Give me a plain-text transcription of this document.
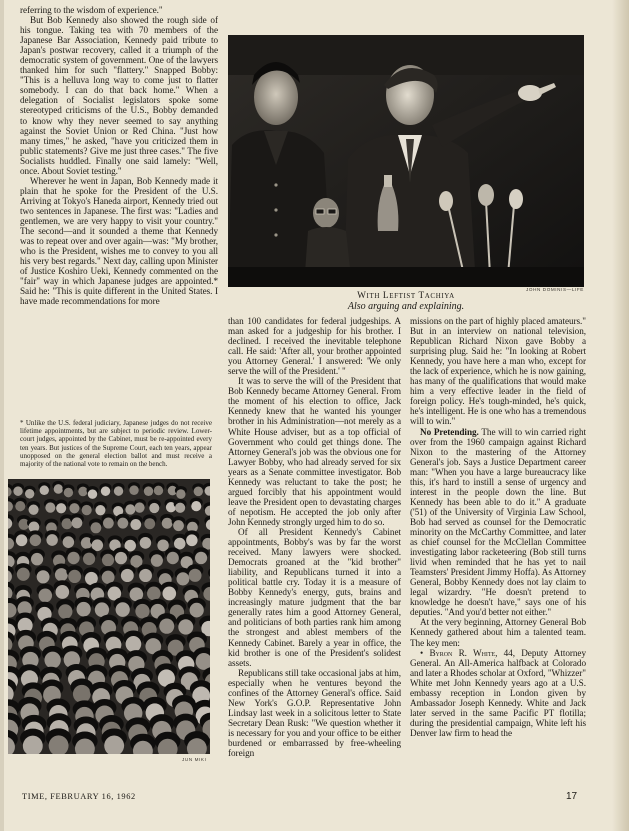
referring to the wisdom of experience."

But Bob Kennedy also showed the rough side of his tongue. Taking tea with 70 members of the Japanese Bar Association, Kennedy paid tribute to Japan's postwar recovery, called it a triumph of the democratic system of government. One of the lawyers thanked him for such "flattery." Snapped Bobby: "This is a helluva long way to come just to flatter somebody. I can do that back home." When a delegation of Socialist legislators spoke some stereotyped criticisms of the U.S., Bobby demanded to know why they never seemed to say anything against the Soviet Union or Red China. "Just how many times," he asked, "have you criticized them in public statements? Give me just three cases." The five Socialists huddled. Finally one said lamely: "Well, once. About Soviet testing."

Wherever he went in Japan, Bob Kennedy made it plain that he spoke for the President of the U.S. Arriving at Tokyo's Haneda airport, Kennedy tried out two sentences in Japanese. The first was: "Ladies and gentlemen, we are very happy to visit your country." The second—and it sounded a theme that Kennedy was to repeat over and over again—was: "My brother, who is the President, wishes me to convey to you all his very best regards." Next day, calling upon Minister of Justice Koshiro Ueki, Kennedy commented on the "fair" way in which Japanese judges are appointed.* Said he: "This is quite different in the United States. I have made recommendations for more

* Unlike the U.S. federal judiciary, Japanese judges do not receive lifetime appointments, but are subject to periodic review. Lower-court judges, appointed by the Cabinet, must be re-appointed every ten years. But justices of the Supreme Court, each ten years, appear unopposed on the general election ballot and must receive a majority of the national vote to remain on the bench.
JOHN DOMINIS—LIFE
With Leftist Tachiya
Also arguing and explaining.

than 100 candidates for federal judgeships. A man asked for a judgeship for his brother. I declined. I received the inevitable telephone call. He said: 'After all, your brother appointed you Attorney General.' I answered: 'We only serve the will of the President.' "

It was to serve the will of the President that Bob Kennedy became Attorney General. From the moment of his election to office, Jack Kennedy knew that he wanted his younger brother in his Administration—not merely as a White House adviser, but as a top official of Government who could get things done. The Attorney General's job was the obvious one for Lawyer Bobby, who had already served for six years as a Senate committee investigator. Bob Kennedy was reluctant to take the post; he argued forcibly that his appointment would leave the President open to devastating charges of nepotism. He accepted the job only after John Kennedy strongly urged him to do so.

Of all President Kennedy's Cabinet appointments, Bobby's was by far the worst received. Many lawyers were shocked. Democrats groaned at the "kid brother" liability, and Republicans turned it into a political battle cry. Today it is a measure of Bobby Kennedy's energy, guts, brains and increasingly mature judgment that the bar generally rates him a good Attorney General, and politicians of both parties rank him among the strongest and ablest members of the Kennedy Cabinet. Barely a year in office, the kid brother is one of the President's solidest assets.

Republicans still take occasional jabs at him, especially when he ventures beyond the confines of the Attorney General's office. Said New York's G.O.P. Representative John Lindsay last week in a solicitous letter to State Secretary Dean Rusk: "We question whether it is necessary for you and your office to be either burdened or embarrassed by free-wheeling foreign

missions on the part of highly placed amateurs." But in an interview on national television, Republican Richard Nixon gave Bobby a surprising plug. Said he: "In looking at Robert Kennedy, you have here a man who, except for the lack of experience, which he is now gaining, has many of the qualifications that would make him a very effective leader in the field of foreign policy. He's tough-minded, he's quick, he's intelligent. He is one who has a tremendous will to win."

No Pretending. The will to win carried right over from the 1960 campaign against Richard Nixon to the mastering of the Attorney General's job. Says a Justice Department career man: "When you have a large bureaucracy like this, it's hard to instill a sense of urgency and interest in the people down the line. But Kennedy has been able to do it." A graduate ('51) of the University of Virginia Law School, Bob had served as counsel for the Democratic minority on the McCarthy Committee, and later as chief counsel for the McClellan Committee investigating labor racketeering (Bob still turns livid when reminded that he has yet to nail Teamsters' President Jimmy Hoffa). As Attorney General, Bobby Kennedy does not lay claim to legal wizardry. "He doesn't pretend to knowledge he doesn't have," says one of his deputies. "And you'd better not either."

At the very beginning, Attorney General Bob Kennedy gathered about him a talented team. The key men:

• Byron R. White, 44, Deputy Attorney General. An All-America halfback at Colorado and later a Rhodes scholar at Oxford, "Whizzer" White met John Kennedy years ago at a U.S. embassy reception in London given by Ambassador Joseph Kennedy. White and Jack later served in the same Pacific PT flotilla; during the presidential campaign, White left his Denver law firm to head the

JUN MIKI
TIME, FEBRUARY 16, 1962	17
